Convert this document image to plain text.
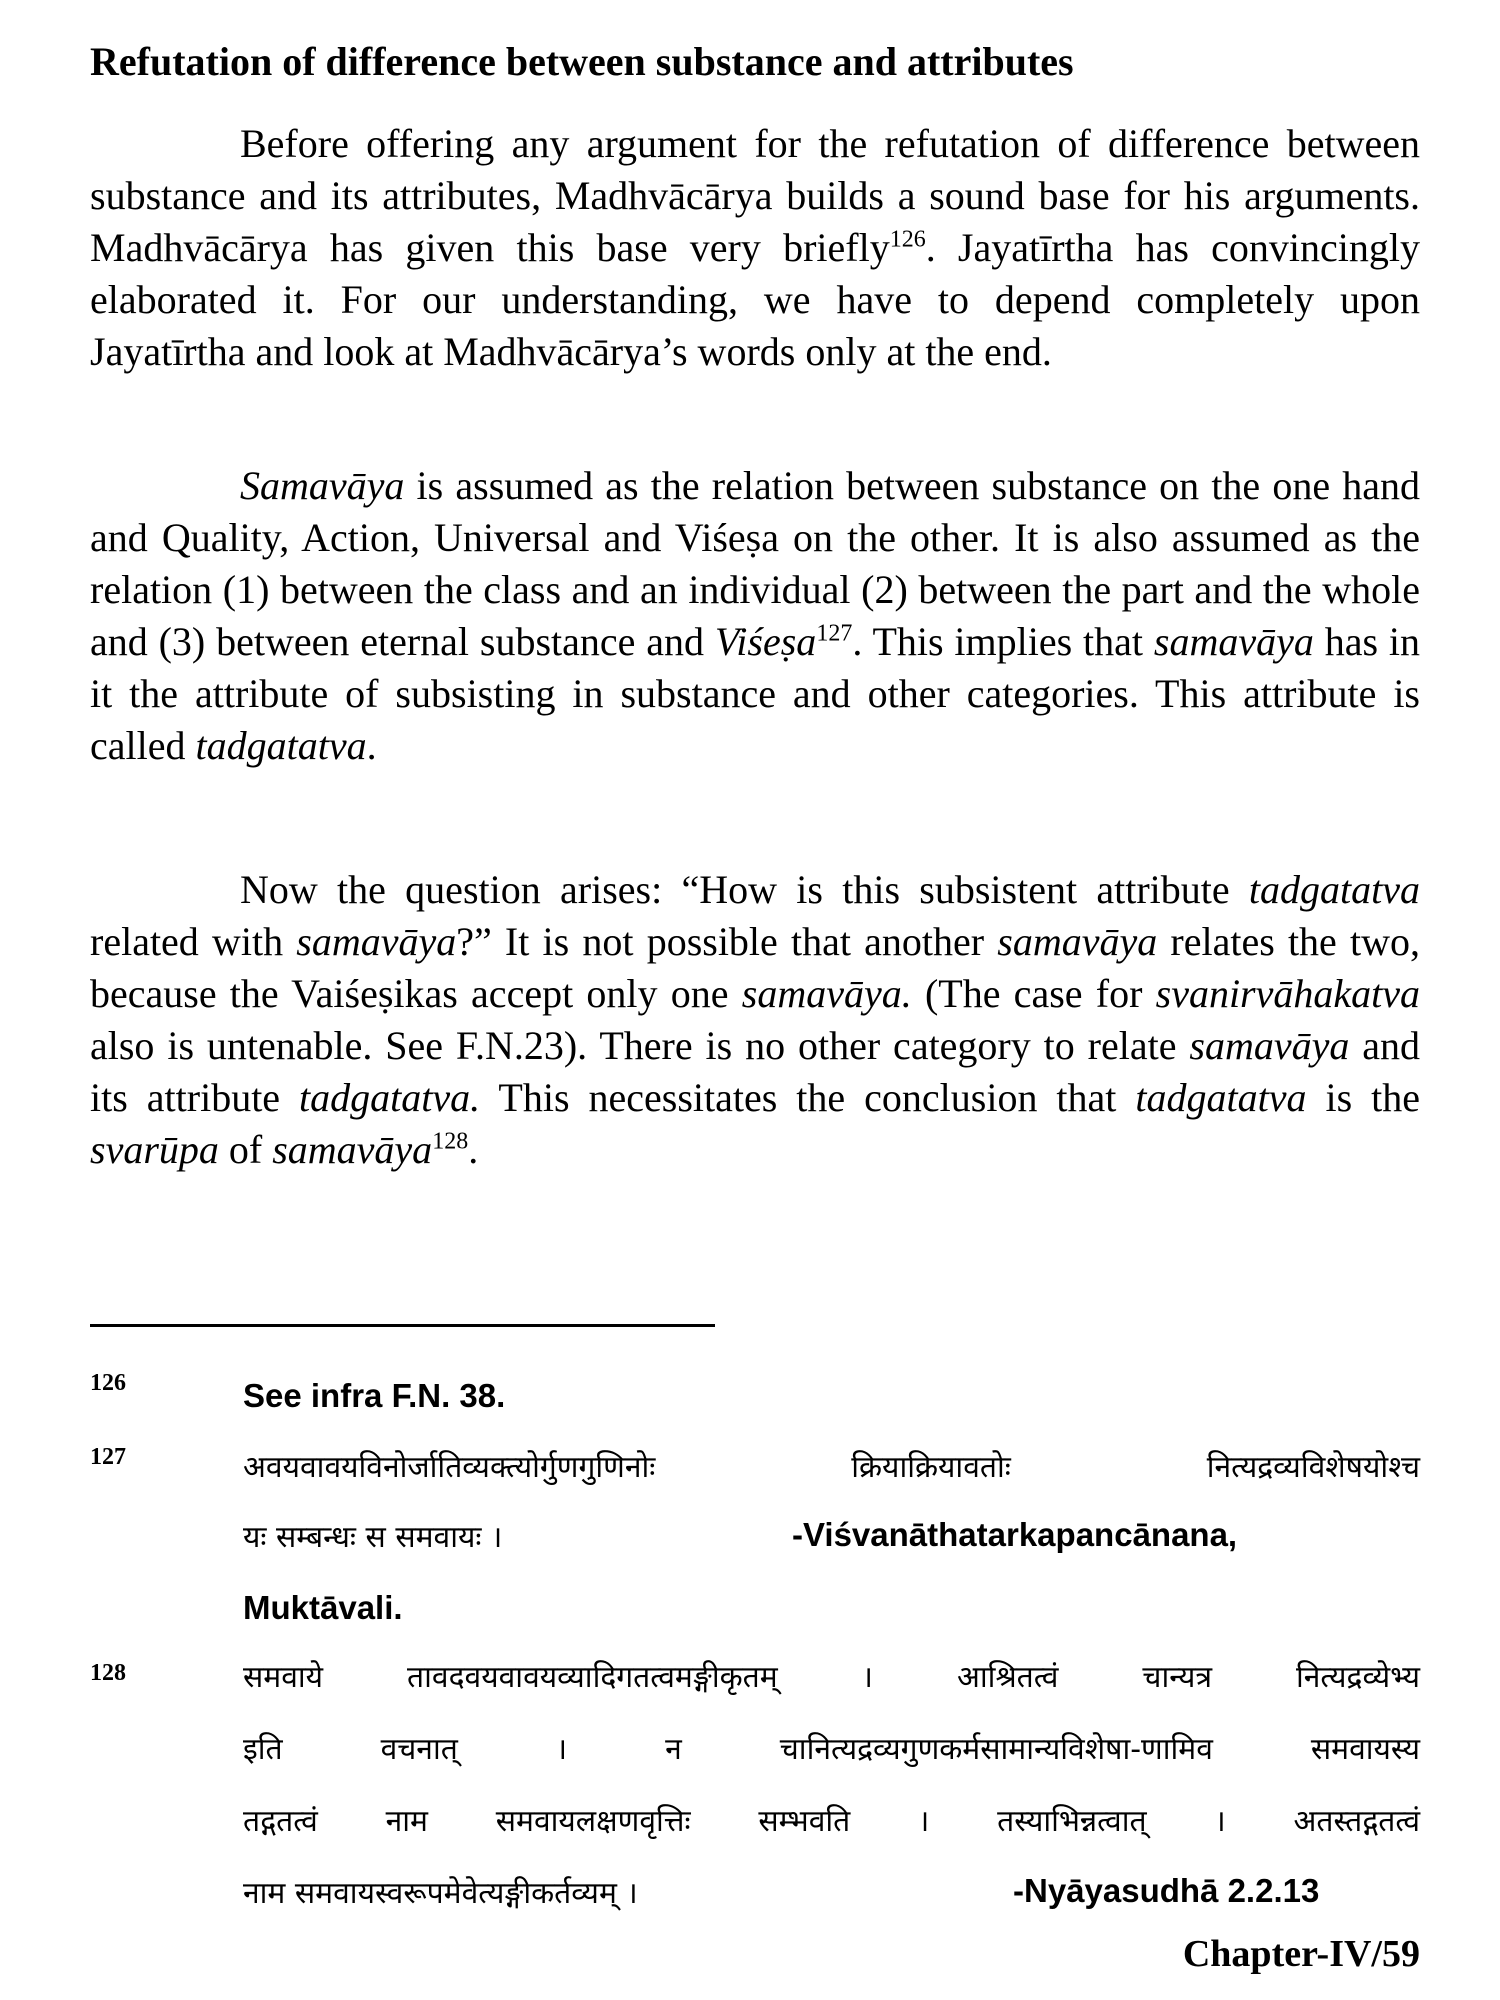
Refutation of difference between substance and attributes

Before offering any argument for the refutation of difference between substance and its attributes, Madhvācārya builds a sound base for his arguments. Madhvācārya has given this base very briefly$^{126}$. Jayatīrtha has convincingly elaborated it. For our understanding, we have to depend completely upon Jayatīrtha and look at Madhvācārya’s words only at the end.

Samavāya is assumed as the relation between substance on the one hand and Quality, Action, Universal and Viśeṣa on the other. It is also assumed as the relation (1) between the class and an individual (2) between the part and the whole and (3) between eternal substance and Viśeṣa$^{127}$. This implies that samavāya has in it the attribute of subsisting in substance and other categories. This attribute is called tadgatatva.

Now the question arises: “How is this subsistent attribute tadgatatva related with samavāya?” It is not possible that another samavāya relates the two, because the Vaiśeṣikas accept only one samavāya. (The case for svanirvāhakatva also is untenable. See F.N.23). There is no other category to relate samavāya and its attribute tadgatatva. This necessitates the conclusion that tadgatatva is the svarūpa of samavāya$^{128}$.

126	See infra F.N. 38.
127	अवयवावयविनोर्जातिव्यक्त्योर्गुणगुणिनोः क्रियाक्रियावतोः नित्यद्रव्यविशेषयोश्च
यः सम्बन्धः स समवायः ।	-Viśvanāthatarkapancānana,
Muktāvali.
128	समवाये तावदवयवावयव्यादिगतत्वमङ्गीकृतम् । आश्रितत्वं चान्यत्र नित्यद्रव्येभ्य
इति वचनात् । न चानित्यद्रव्यगुणकर्मसामान्यविशेषा-णामिव समवायस्य
तद्गतत्वं नाम समवायलक्षणवृत्तिः सम्भवति । तस्याभिन्नत्वात् । अतस्तद्गतत्वं
नाम समवायस्वरूपमेवेत्यङ्गीकर्तव्यम् ।	-Nyāyasudhā 2.2.13
Chapter-IV/59
